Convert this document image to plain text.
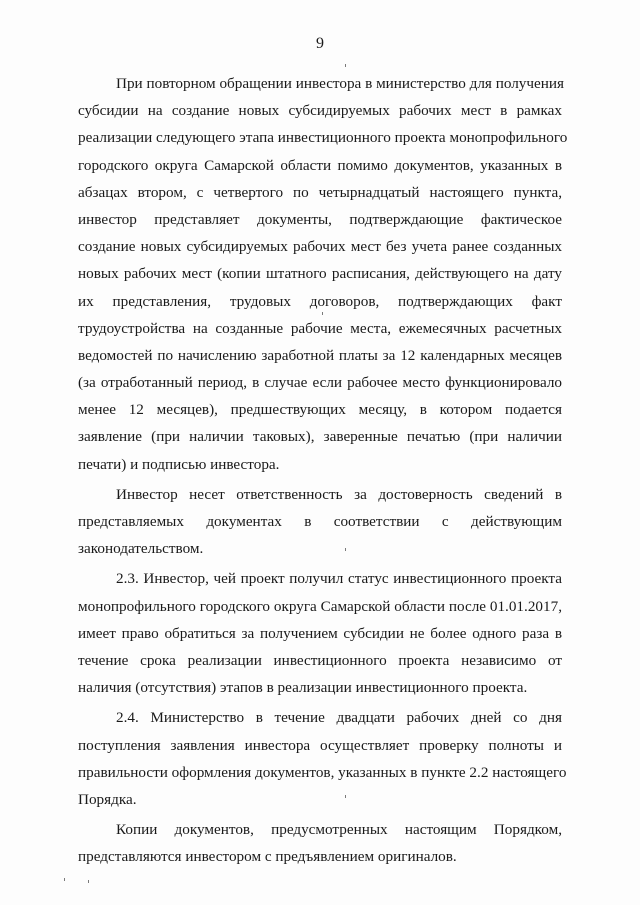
9
При повторном обращении инвестора в министерство для получения
субсидии на создание новых субсидируемых рабочих мест в рамках
реализации следующего этапа инвестиционного проекта монопрофильного
городского округа Самарской области помимо документов, указанных в
абзацах втором, с четвертого по четырнадцатый настоящего пункта,
инвестор представляет документы, подтверждающие фактическое
создание новых субсидируемых рабочих мест без учета ранее созданных
новых рабочих мест (копии штатного расписания, действующего на дату
их представления, трудовых договоров, подтверждающих факт
трудоустройства на созданные рабочие места, ежемесячных расчетных
ведомостей по начислению заработной платы за 12 календарных месяцев
(за отработанный период, в случае если рабочее место функционировало
менее 12 месяцев), предшествующих месяцу, в котором подается
заявление (при наличии таковых), заверенные печатью (при наличии
печати) и подписью инвестора.
Инвестор несет ответственность за достоверность сведений в
представляемых документах в соответствии с действующим
законодательством.
2.3. Инвестор, чей проект получил статус инвестиционного проекта
монопрофильного городского округа Самарской области после 01.01.2017,
имеет право обратиться за получением субсидии не более одного раза в
течение срока реализации инвестиционного проекта независимо от
наличия (отсутствия) этапов в реализации инвестиционного проекта.
2.4. Министерство в течение двадцати рабочих дней со дня
поступления заявления инвестора осуществляет проверку полноты и
правильности оформления документов, указанных в пункте 2.2 настоящего
Порядка.
Копии документов, предусмотренных настоящим Порядком,
представляются инвестором с предъявлением оригиналов.
